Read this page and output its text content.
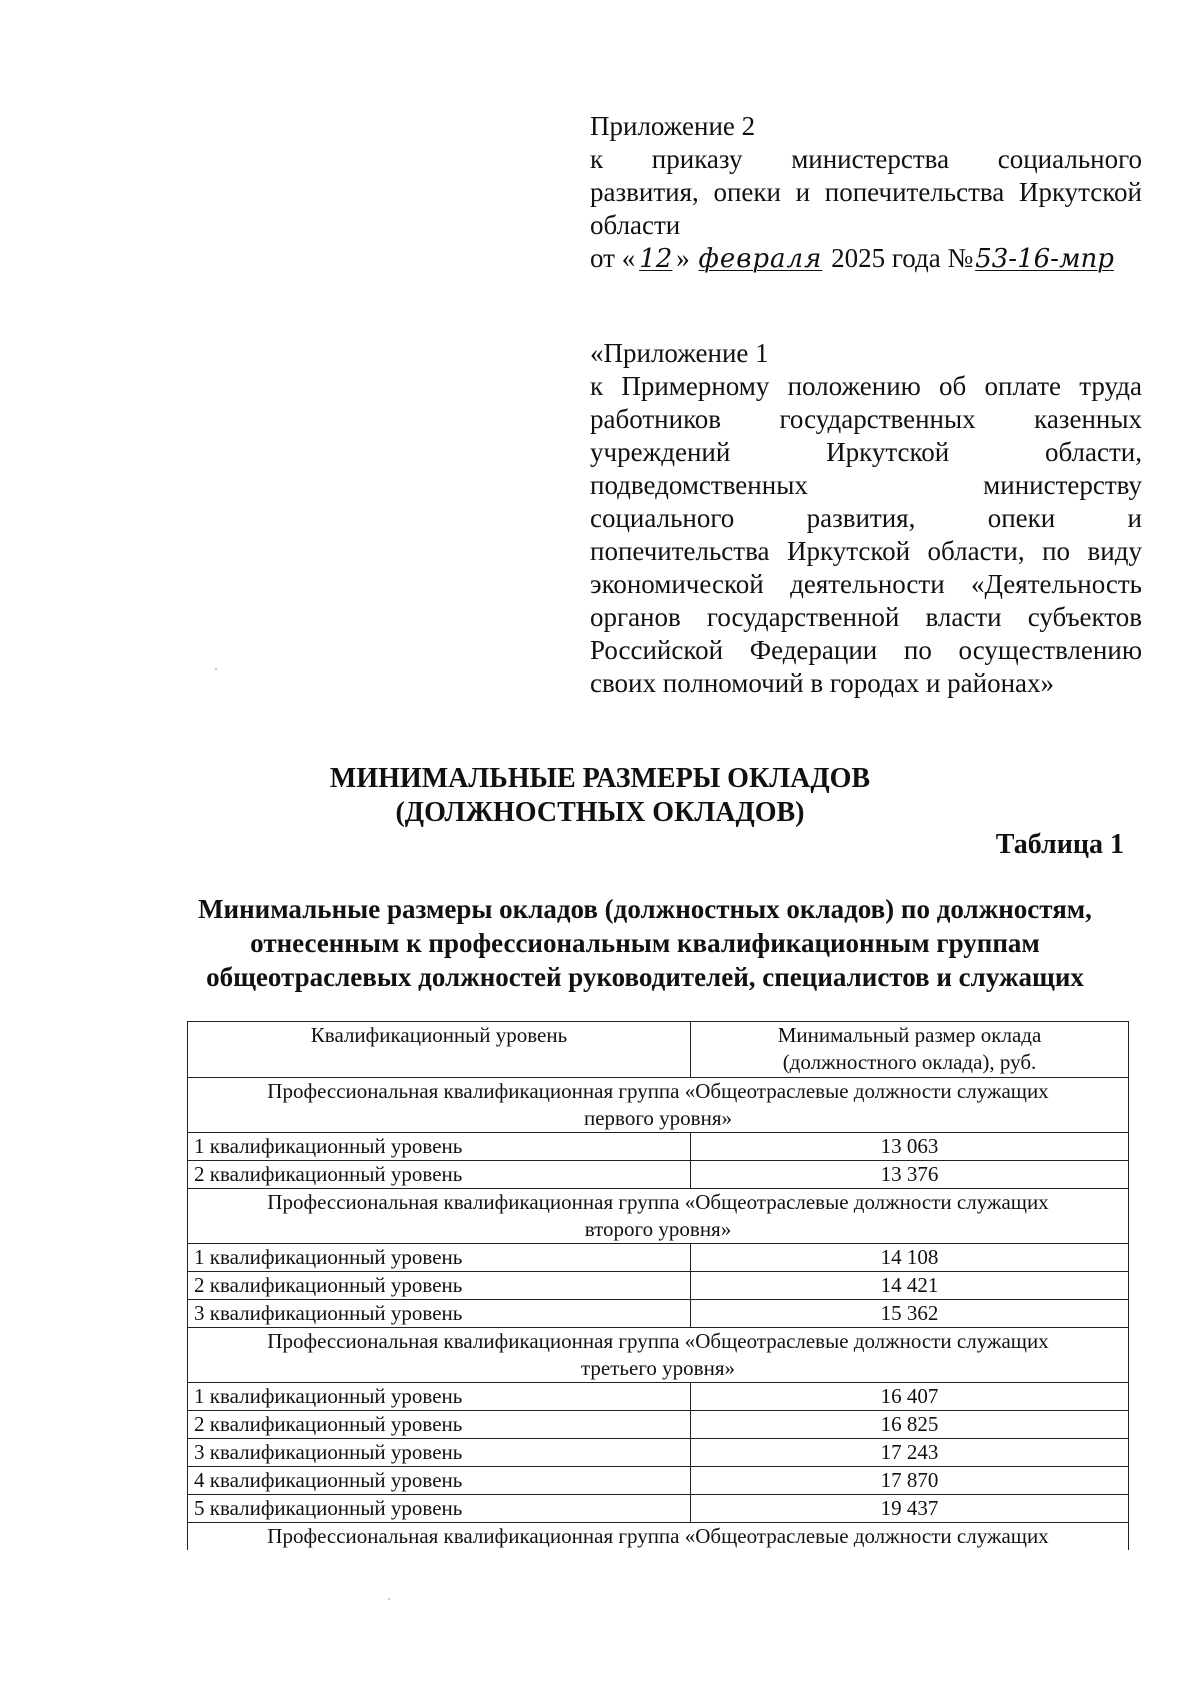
Приложение 2

к приказу министерства социального

развития, опеки и попечительства Иркутской

области

от « 12 » февраля 2025 года №53-16-мпр

«Приложение 1

к Примерному положению об оплате труда

работников государственных казенных

учреждений Иркутской области,

подведомственных министерству

социального развития, опеки и

попечительства Иркутской области, по виду

экономической деятельности «Деятельность

органов государственной власти субъектов

Российской Федерации по осуществлению

своих полномочий в городах и районах»

МИНИМАЛЬНЫЕ РАЗМЕРЫ ОКЛАДОВ

(ДОЛЖНОСТНЫХ ОКЛАДОВ)

Таблица 1

Минимальные размеры окладов (должностных окладов) по должностям,

отнесенным к профессиональным квалификационным группам

общеотраслевых должностей руководителей, специалистов и служащих

Квалификационный уровень	Минимальный размер оклада
(должностного оклада), руб.

Профессиональная квалификационная группа «Общеотраслевые должности служащих
первого уровня»	

1 квалификационный уровень	13 063
2 квалификационный уровень	13 376

Профессиональная квалификационная группа «Общеотраслевые должности служащих
второго уровня»	

1 квалификационный уровень	14 108
2 квалификационный уровень	14 421
3 квалификационный уровень	15 362

Профессиональная квалификационная группа «Общеотраслевые должности служащих
третьего уровня»	

1 квалификационный уровень	16 407
2 квалификационный уровень	16 825
3 квалификационный уровень	17 243
4 квалификационный уровень	17 870
5 квалификационный уровень	19 437

Профессиональная квалификационная группа «Общеотраслевые должности служащих	
